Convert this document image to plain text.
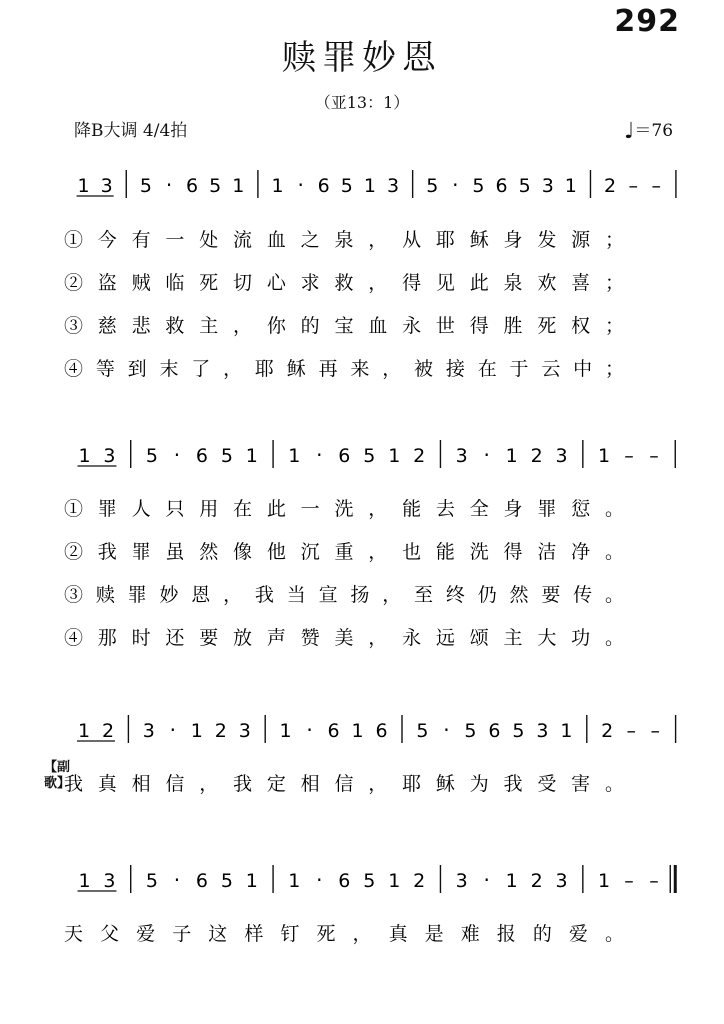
292
赎罪妙恩
（亚13：1）
降B大调 4/4拍	♩＝76
【副歌】
1 3 5 · 6 5 1 1 · 6 5 1 3 5 · 5 6 5 3 1 2 – –
①今有一处流血之泉，从耶稣身发源；
②盗贼临死切心求救，得见此泉欢喜；
③慈悲救主，你的宝血永世得胜死权；
④等到末了，耶稣再来，被接在于云中；
1 3 5 · 6 5 1 1 · 6 5 1 2 3 · 1 2 3 1 – –
①罪人只用在此一洗，能去全身罪愆。
②我罪虽然像他沉重，也能洗得洁净。
③赎罪妙恩，我当宣扬，至终仍然要传。
④那时还要放声赞美，永远颂主大功。
1 2 3 · 1 2 3 1 · 6 1 6 5 · 5 6 5 3 1 2 – –
我真相信，我定相信，耶稣为我受害。
1 3 5 · 6 5 1 1 · 6 5 1 2 3 · 1 2 3 1 – –
天父爱子这样钉死，真是难报的爱。
